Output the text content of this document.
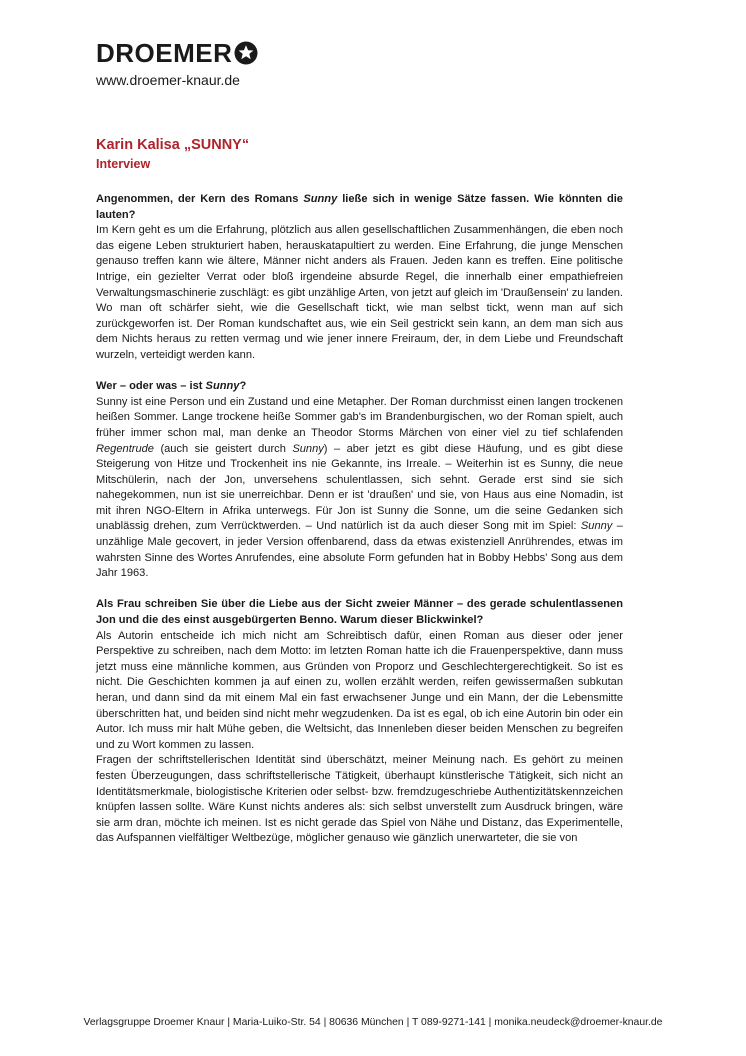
DROEMER
www.droemer-knaur.de
Karin Kalisa „SUNNY“
Interview

Angenommen, der Kern des Romans Sunny ließe sich in wenige Sätze fassen. Wie könnten die lauten?

Im Kern geht es um die Erfahrung, plötzlich aus allen gesellschaftlichen Zusammenhängen, die eben noch das eigene Leben strukturiert haben, herauskatapultiert zu werden. Eine Erfahrung, die junge Menschen genauso treffen kann wie ältere, Männer nicht anders als Frauen. Jeden kann es treffen. Eine politische Intrige, ein gezielter Verrat oder bloß irgendeine absurde Regel, die innerhalb einer empathiefreien Verwaltungsmaschinerie zuschlägt: es gibt unzählige Arten, von jetzt auf gleich im 'Draußensein' zu landen. Wo man oft schärfer sieht, wie die Gesellschaft tickt, wie man selbst tickt, wenn man auf sich zurückgeworfen ist. Der Roman kundschaftet aus, wie ein Seil gestrickt sein kann, an dem man sich aus dem Nichts heraus zu retten vermag und wie jener innere Freiraum, der, in dem Liebe und Freundschaft wurzeln, verteidigt werden kann.

Wer – oder was – ist Sunny?

Sunny ist eine Person und ein Zustand und eine Metapher. Der Roman durchmisst einen langen trockenen heißen Sommer. Lange trockene heiße Sommer gab's im Brandenburgischen, wo der Roman spielt, auch früher immer schon mal, man denke an Theodor Storms Märchen von einer viel zu tief schlafenden Regentrude (auch sie geistert durch Sunny) – aber jetzt es gibt diese Häufung, und es gibt diese Steigerung von Hitze und Trockenheit ins nie Gekannte, ins Irreale. – Weiterhin ist es Sunny, die neue Mitschülerin, nach der Jon, unversehens schulentlassen, sich sehnt. Gerade erst sind sie sich nahegekommen, nun ist sie unerreichbar. Denn er ist 'draußen' und sie, von Haus aus eine Nomadin, ist mit ihren NGO-Eltern in Afrika unterwegs. Für Jon ist Sunny die Sonne, um die seine Gedanken sich unablässig drehen, zum Verrücktwerden. – Und natürlich ist da auch dieser Song mit im Spiel: Sunny – unzählige Male gecovert, in jeder Version offenbarend, dass da etwas existenziell Anrührendes, etwas im wahrsten Sinne des Wortes Anrufendes, eine absolute Form gefunden hat in Bobby Hebbs' Song aus dem Jahr 1963.

Als Frau schreiben Sie über die Liebe aus der Sicht zweier Männer – des gerade schulentlassenen Jon und die des einst ausgebürgerten Benno. Warum dieser Blickwinkel?

Als Autorin entscheide ich mich nicht am Schreibtisch dafür, einen Roman aus dieser oder jener Perspektive zu schreiben, nach dem Motto: im letzten Roman hatte ich die Frauenperspektive, dann muss jetzt muss eine männliche kommen, aus Gründen von Proporz und Geschlechtergerechtigkeit. So ist es nicht. Die Geschichten kommen ja auf einen zu, wollen erzählt werden, reifen gewissermaßen subkutan heran, und dann sind da mit einem Mal ein fast erwachsener Junge und ein Mann, der die Lebensmitte überschritten hat, und beiden sind nicht mehr wegzudenken. Da ist es egal, ob ich eine Autorin bin oder ein Autor. Ich muss mir halt Mühe geben, die Weltsicht, das Innenleben dieser beiden Menschen zu begreifen und zu Wort kommen zu lassen.

Fragen der schriftstellerischen Identität sind überschätzt, meiner Meinung nach. Es gehört zu meinen festen Überzeugungen, dass schriftstellerische Tätigkeit, überhaupt künstlerische Tätigkeit, sich nicht an Identitätsmerkmale, biologistische Kriterien oder selbst- bzw. fremdzugeschriebe Authentizitätskennzeichen knüpfen lassen sollte. Wäre Kunst nichts anderes als: sich selbst unverstellt zum Ausdruck bringen, wäre sie arm dran, möchte ich meinen. Ist es nicht gerade das Spiel von Nähe und Distanz, das Experimentelle, das Aufspannen vielfältiger Weltbezüge, möglicher genauso wie gänzlich unerwarteter, die sie von

Verlagsgruppe Droemer Knaur | Maria-Luiko-Str. 54 | 80636 München | T 089-9271-141 | monika.neudeck@droemer-knaur.de
